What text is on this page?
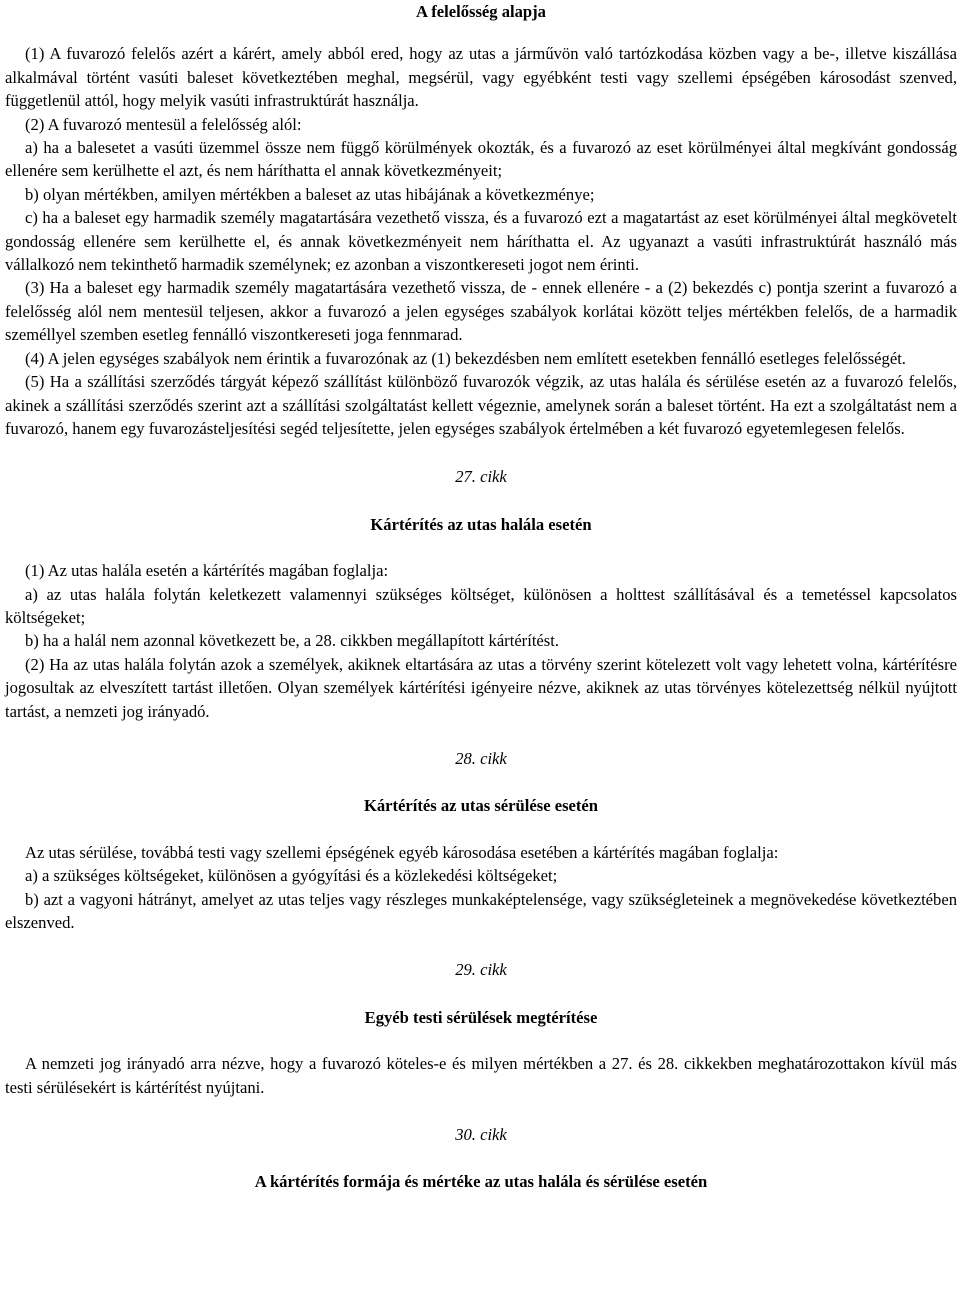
A felelősség alapja

(1) A fuvarozó felelős azért a kárért, amely abból ered, hogy az utas a járművön való tartózkodása közben vagy a be-, illetve kiszállása alkalmával történt vasúti baleset következtében meghal, megsérül, vagy egyébként testi vagy szellemi épségében károsodást szenved, függetlenül attól, hogy melyik vasúti infrastruktúrát használja.

(2) A fuvarozó mentesül a felelősség alól:

a) ha a balesetet a vasúti üzemmel össze nem függő körülmények okozták, és a fuvarozó az eset körülményei által megkívánt gondosság ellenére sem kerülhette el azt, és nem háríthatta el annak következményeit;

b) olyan mértékben, amilyen mértékben a baleset az utas hibájának a következménye;

c) ha a baleset egy harmadik személy magatartására vezethető vissza, és a fuvarozó ezt a magatartást az eset körülményei által megkövetelt gondosság ellenére sem kerülhette el, és annak következményeit nem háríthatta el. Az ugyanazt a vasúti infrastruktúrát használó más vállalkozó nem tekinthető harmadik személynek; ez azonban a viszontkereseti jogot nem érinti.

(3) Ha a baleset egy harmadik személy magatartására vezethető vissza, de - ennek ellenére - a (2) bekezdés c) pontja szerint a fuvarozó a felelősség alól nem mentesül teljesen, akkor a fuvarozó a jelen egységes szabályok korlátai között teljes mértékben felelős, de a harmadik személlyel szemben esetleg fennálló viszontkereseti joga fennmarad.

(4) A jelen egységes szabályok nem érintik a fuvarozónak az (1) bekezdésben nem említett esetekben fennálló esetleges felelősségét.

(5) Ha a szállítási szerződés tárgyát képező szállítást különböző fuvarozók végzik, az utas halála és sérülése esetén az a fuvarozó felelős, akinek a szállítási szerződés szerint azt a szállítási szolgáltatást kellett végeznie, amelynek során a baleset történt. Ha ezt a szolgáltatást nem a fuvarozó, hanem egy fuvarozásteljesítési segéd teljesítette, jelen egységes szabályok értelmében a két fuvarozó egyetemlegesen felelős.

27. cikk

Kártérítés az utas halála esetén

(1) Az utas halála esetén a kártérítés magában foglalja:

a) az utas halála folytán keletkezett valamennyi szükséges költséget, különösen a holttest szállításával és a temetéssel kapcsolatos költségeket;

b) ha a halál nem azonnal következett be, a 28. cikkben megállapított kártérítést.

(2) Ha az utas halála folytán azok a személyek, akiknek eltartására az utas a törvény szerint kötelezett volt vagy lehetett volna, kártérítésre jogosultak az elveszített tartást illetően. Olyan személyek kártérítési igényeire nézve, akiknek az utas törvényes kötelezettség nélkül nyújtott tartást, a nemzeti jog irányadó.

28. cikk

Kártérítés az utas sérülése esetén

Az utas sérülése, továbbá testi vagy szellemi épségének egyéb károsodása esetében a kártérítés magában foglalja:

a) a szükséges költségeket, különösen a gyógyítási és a közlekedési költségeket;

b) azt a vagyoni hátrányt, amelyet az utas teljes vagy részleges munkaképtelensége, vagy szükségleteinek a megnövekedése következtében elszenved.

29. cikk

Egyéb testi sérülések megtérítése

A nemzeti jog irányadó arra nézve, hogy a fuvarozó köteles-e és milyen mértékben a 27. és 28. cikkekben meghatározottakon kívül más testi sérülésekért is kártérítést nyújtani.

30. cikk

A kártérítés formája és mértéke az utas halála és sérülése esetén
